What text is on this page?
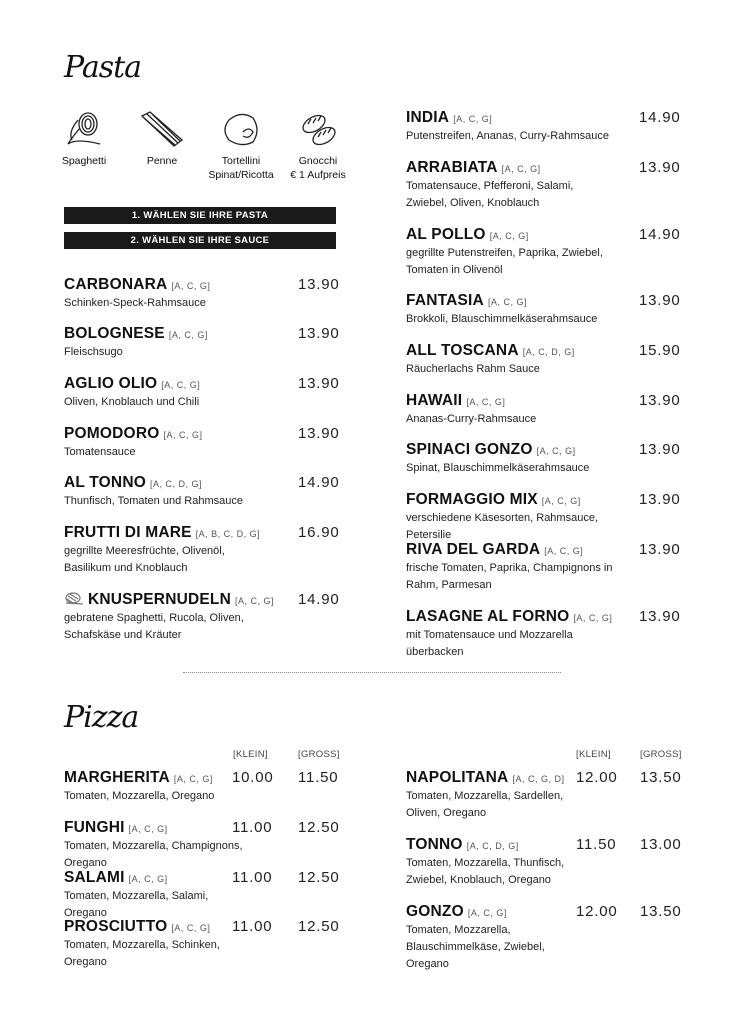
Pasta
Spaghetti	Penne	Tortellini
Spinat/Ricotta
Gnocchi
€ 1 Aufpreis
1. WÄHLEN SIE IHRE PASTA
2. WÄHLEN SIE IHRE SAUCE
CARBONARA [A, C, G]
Schinken-Speck-Rahmsauce
13.90
BOLOGNESE [A, C, G]
Fleischsugo
13.90
AGLIO OLIO [A, C, G]
Oliven, Knoblauch und Chili
13.90
POMODORO [A, C, G]
Tomatensauce
13.90
AL TONNO [A, C, D, G]
Thunfisch, Tomaten und Rahmsauce
14.90
FRUTTI DI MARE [A, B, C, D, G]
gegrillte Meeresfrüchte, Olivenöl, Basilikum und Knoblauch
16.90
KNUSPERNUDELN [A, C, G]
gebratene Spaghetti, Rucola, Oliven, Schafskäse und Kräuter
14.90
INDIA [A, C, G]
Putenstreifen, Ananas, Curry-Rahmsauce
14.90
ARRABIATA [A, C, G]
Tomatensauce, Pfefferoni, Salami, Zwiebel, Oliven, Knoblauch
13.90
AL POLLO [A, C, G]
gegrillte Putenstreifen, Paprika, Zwiebel, Tomaten in Olivenöl
14.90
FANTASIA [A, C, G]
Brokkoli, Blauschimmelkäserahmsauce
13.90
ALL TOSCANA [A, C, D, G]
Räucherlachs Rahm Sauce
15.90
HAWAII [A, C, G]
Ananas-Curry-Rahmsauce
13.90
SPINACI GONZO [A, C, G]
Spinat, Blauschimmelkäserahmsauce
13.90
FORMAGGIO MIX [A, C, G]
verschiedene Käsesorten, Rahmsauce, Petersilie
13.90
RIVA DEL GARDA [A, C, G]
frische Tomaten, Paprika, Champignons in Rahm, Parmesan
13.90
LASAGNE AL FORNO [A, C, G]
mit Tomatensauce und Mozzarella überbacken
13.90
Pizza
[KLEIN]	[GROSS]	[KLEIN]	[GROSS]
MARGHERITA [A, C, G]
Tomaten, Mozzarella, Oregano
10.00 11.50
FUNGHI [A, C, G]
Tomaten, Mozzarella, Champignons, Oregano
11.00 12.50
SALAMI [A, C, G]
Tomaten, Mozzarella, Salami, Oregano
11.00 12.50
PROSCIUTTO [A, C, G]
Tomaten, Mozzarella, Schinken, Oregano
11.00 12.50
NAPOLITANA [A, C, G, D]
Tomaten, Mozzarella, Sardellen, Oliven, Oregano
12.00 13.50
TONNO [A, C, D, G]
Tomaten, Mozzarella, Thunfisch, Zwiebel, Knoblauch, Oregano
11.50 13.00
GONZO [A, C, G]
Tomaten, Mozzarella, Blauschimmelkäse, Zwiebel, Oregano
12.00 13.50
